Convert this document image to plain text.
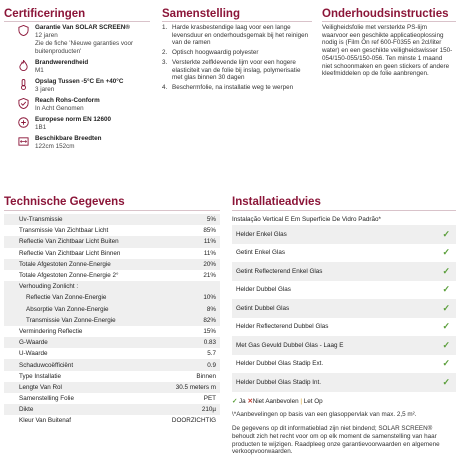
Certificeringen	Samenstelling	Onderhoudsinstructies
Garantie Van SOLAR SCREEN®
12 jaren
Zie de fiche 'Nieuwe garanties voor buitenproducten'
Brandwerendheid
M1
Opslag Tussen -5°C En +40°C
3 jaren
Reach Rohs-Conform
In Acht Genomen
Europese norm EN 12600
1B1
Beschikbare Breedten
122cm 152cm
1. Harde krasbestendige laag voor een lange levensduur en onderhoudsgemak bij het reinigen van de ramen
2. Optisch hoogwaardig polyester
3. Versterkte zelfklevende lijm voor een hogere elasticiteit van de folie bij inslag, polymerisatie met glas binnen 30 dagen
4. Beschermfolie, na installatie weg te werpen

Veiligheidsfolie met versterkte PS-lijm waarvoor een geschikte applicatieoplossing nodig is (Film On ref 600-F0355 en 2cl/liter water) en een geschikte veiligheidswisser 150-054/150-055/150-056. Ten minste 1 maand niet schoonmaken en geen stickers of andere kleefmiddelen op de folie aanbrengen.

Technische Gegevens
Uv-Transmissie	5%
Transmissie Van Zichtbaar Licht	85%
Reflectie Van Zichtbaar Licht Buiten	11%
Reflectie Van Zichtbaar Licht Binnen	11%
Totale Afgestoten Zonne-Energie	20%
Totale Afgestoten Zonne-Energie 2°	21%
Verhouding Zonlicht :
Reflectie Van Zonne-Energie	10%
Absorptie Van Zonne-Energie	8%
Transmissie Van Zonne-Energie	82%
Vermindering Reflectie	15%
G-Waarde	0.83
U-Waarde	5.7
Schaduwcoëfficiënt	0.9
Type Installatie	Binnen
Lengte Van Rol	30.5 meters m
Samenstelling Folie	PET
Dikte	210µ
Kleur Van Buitenaf	DOORZICHTIG
Installatieadvies
Instalação Vertical E Em Superfície De Vidro Padrão*
Helder Enkel Glas	✓
Getint Enkel Glas	✓
Getint Reflecterend Enkel Glas	✓
Helder Dubbel Glas	✓
Getint Dubbel Glas	✓
Helder Reflecterend Dubbel Glas	✓
Met Gas Gevuld Dubbel Glas - Laag E	✓
Helder Dubbel Glas Stadip Ext.	✓
Helder Dubbel Glas Stadip Int.	✓
✓ Ja ✕Niet Aanbevolen | Let Op
\*Aanbevelingen op basis van een glasoppervlak van max. 2,5 m².
De gegevens op dit informatieblad zijn niet bindend; SOLAR SCREEN® behoudt zich het recht voor om op elk moment de samenstelling van haar producten te wijzigen. Raadpleeg onze garantievoorwaarden en algemene verkoopvoorwaarden.
